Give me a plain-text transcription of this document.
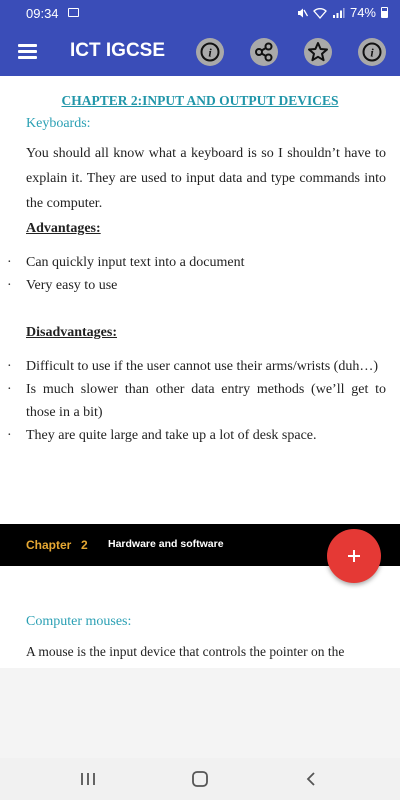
09:34	74%
ICT IGCSE	i	i
CHAPTER 2:INPUT AND OUTPUT DEVICES
Keyboards:
You should all know what a keyboard is so I shouldn’t have to explain it. They are used to input data and type commands into the computer.
Advantages:
· Can quickly input text into a document
· Very easy to use
Disadvantages:
· Difficult to use if the user cannot use their arms/wrists (duh…)
· Is much slower than other data entry methods (we’ll get to those in a bit)
· They are quite large and take up a lot of desk space.
Chapter 2 Hardware and software
Computer mouses:
A mouse is the input device that controls the pointer on the
